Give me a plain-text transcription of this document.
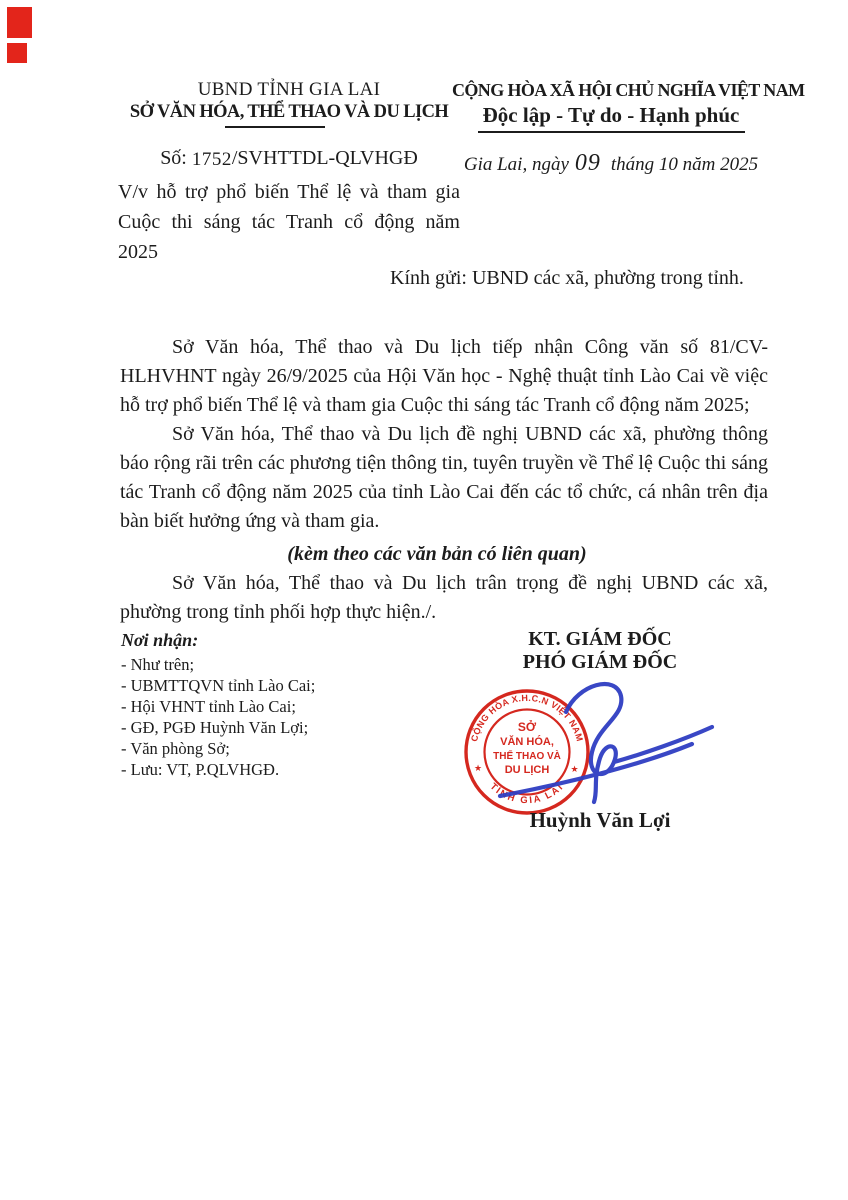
UBND TỈNH GIA LAI
SỞ VĂN HÓA, THỂ THAO VÀ DU LỊCH
Số: 1752/SVHTTDL-QLVHGĐ
V/v hỗ trợ phổ biến Thể lệ và tham gia Cuộc thi sáng tác Tranh cổ động năm 2025
CỘNG HÒA XÃ HỘI CHỦ NGHĨA VIỆT NAM
Độc lập - Tự do - Hạnh phúc
Gia Lai, ngày 09 tháng 10 năm 2025
Kính gửi: UBND các xã, phường trong tỉnh.
Sở Văn hóa, Thể thao và Du lịch tiếp nhận Công văn số 81/CV-HLHVHNT ngày 26/9/2025 của Hội Văn học - Nghệ thuật tỉnh Lào Cai về việc hỗ trợ phổ biến Thể lệ và tham gia Cuộc thi sáng tác Tranh cổ động năm 2025;
Sở Văn hóa, Thể thao và Du lịch đề nghị UBND các xã, phường thông báo rộng rãi trên các phương tiện thông tin, tuyên truyền về Thể lệ Cuộc thi sáng tác Tranh cổ động năm 2025 của tỉnh Lào Cai đến các tổ chức, cá nhân trên địa bàn biết hưởng ứng và tham gia.
(kèm theo các văn bản có liên quan)
Sở Văn hóa, Thể thao và Du lịch trân trọng đề nghị UBND các xã, phường trong tỉnh phối hợp thực hiện./.
Nơi nhận:
- Như trên;
- UBMTTQVN tỉnh Lào Cai;
- Hội VHNT tỉnh Lào Cai;
- GĐ, PGĐ Huỳnh Văn Lợi;
- Văn phòng Sở;
- Lưu: VT, P.QLVHGĐ.
KT. GIÁM ĐỐC
PHÓ GIÁM ĐỐC
CỘNG HÒA X.H.C.N VIỆT NAM
TỈNH GIA LAI
★	★
SỞ
VĂN HÓA,
THỂ THAO VÀ
DU LỊCH
Huỳnh Văn Lợi
